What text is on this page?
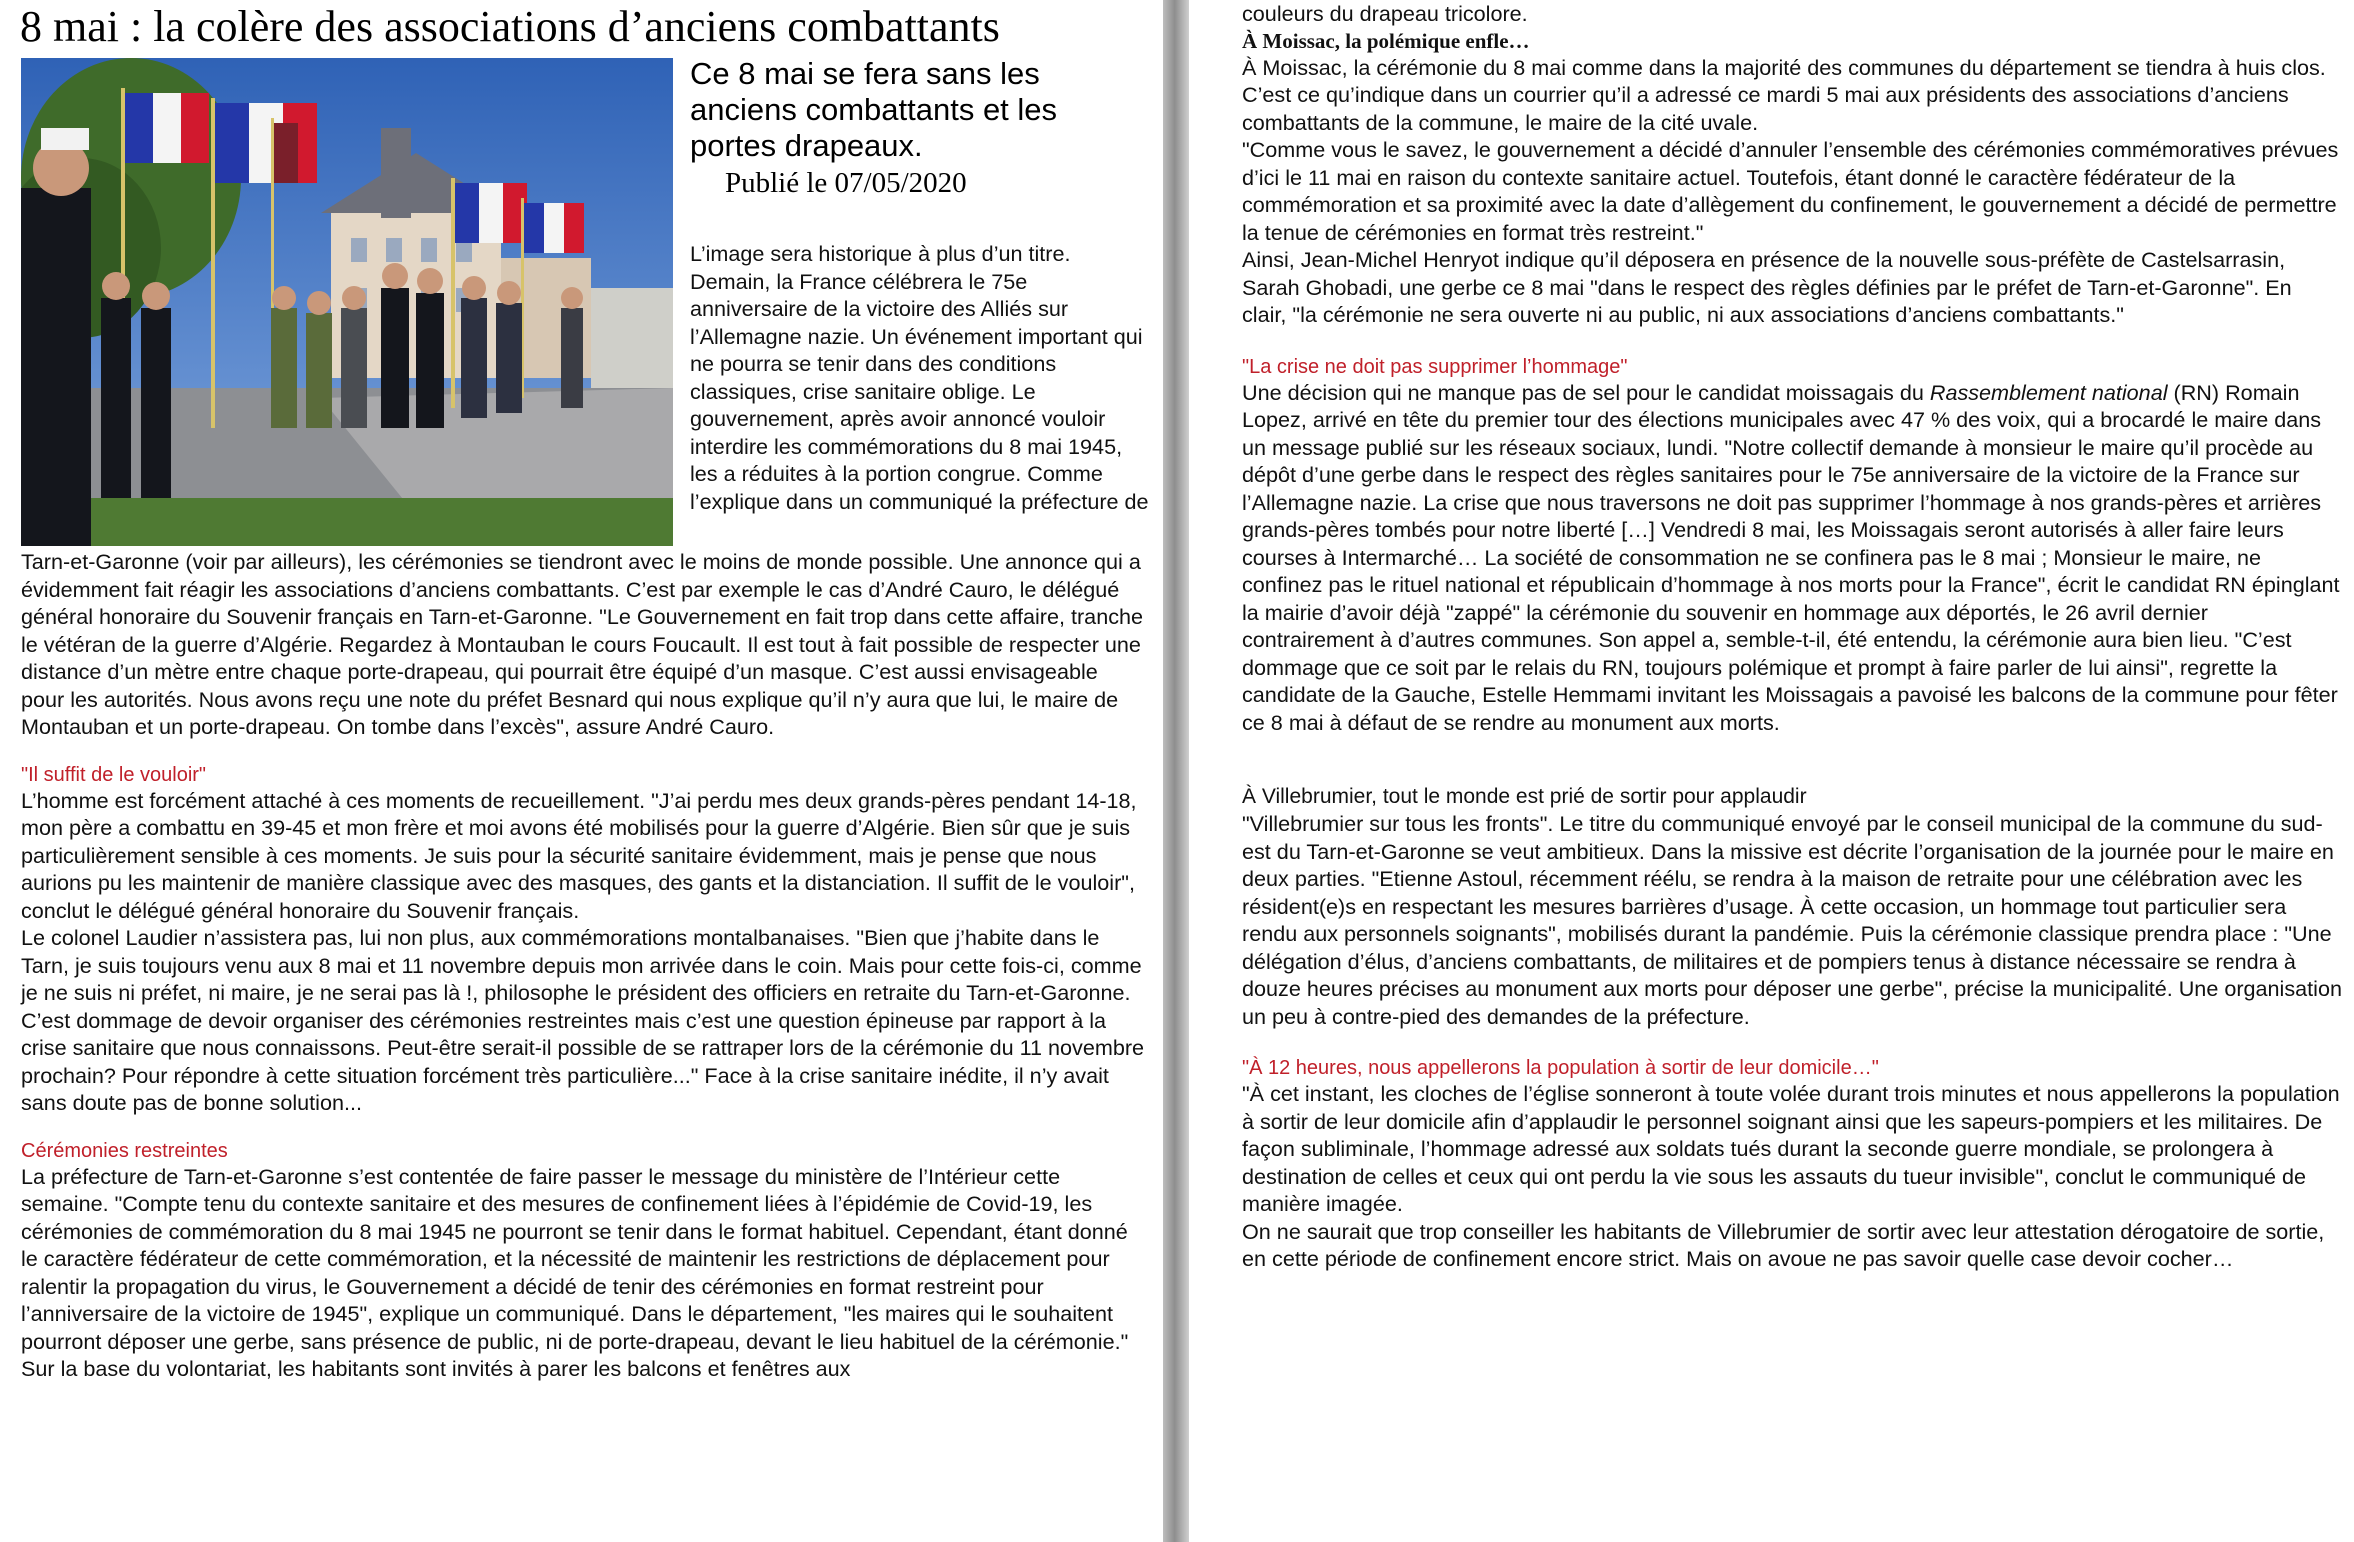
8 mai : la colère des associations d’anciens combattants
Ce 8 mai se fera sans les anciens combattants et les portes drapeaux.
Publié le 07/05/2020

L’image sera historique à plus d’un titre. Demain, la France célébrera le 75e anniversaire de la victoire des Alliés sur l’Allemagne nazie. Un événement important qui ne pourra se tenir dans des conditions classiques, crise sanitaire oblige. Le gouvernement, après avoir annoncé vouloir interdire les commémorations du 8 mai 1945, les a réduites à la portion congrue. Comme l’explique dans un communiqué la préfecture de

Tarn-et-Garonne (voir par ailleurs), les cérémonies se tiendront avec le moins de monde possible. Une annonce qui a évidemment fait réagir les associations d’anciens combattants. C’est par exemple le cas d’André Cauro, le délégué général honoraire du Souvenir français en Tarn-et-Garonne. "Le Gouvernement en fait trop dans cette affaire, tranche le vétéran de la guerre d’Algérie. Regardez à Montauban le cours Foucault. Il est tout à fait possible de respecter une distance d’un mètre entre chaque porte-drapeau, qui pourrait être équipé d’un masque. C’est aussi envisageable pour les autorités. Nous avons reçu une note du préfet Besnard qui nous explique qu’il n’y aura que lui, le maire de Montauban et un porte-drapeau. On tombe dans l’excès", assure André Cauro.

"Il suffit de le vouloir"

L’homme est forcément attaché à ces moments de recueillement. "J’ai perdu mes deux grands-pères pendant 14-18, mon père a combattu en 39-45 et mon frère et moi avons été mobilisés pour la guerre d’Algérie. Bien sûr que je suis particulièrement sensible à ces moments. Je suis pour la sécurité sanitaire évidemment, mais je pense que nous aurions pu les maintenir de manière classique avec des masques, des gants et la distanciation. Il suffit de le vouloir", conclut le délégué général honoraire du Souvenir français.

Le colonel Laudier n’assistera pas, lui non plus, aux commémorations montalbanaises. "Bien que j’habite dans le Tarn, je suis toujours venu aux 8 mai et 11 novembre depuis mon arrivée dans le coin. Mais pour cette fois-ci, comme je ne suis ni préfet, ni maire, je ne serai pas là !, philosophe le président des officiers en retraite du Tarn-et-Garonne. C’est dommage de devoir organiser des cérémonies restreintes mais c’est une question épineuse par rapport à la crise sanitaire que nous connaissons. Peut-être serait-il possible de se rattraper lors de la cérémonie du 11 novembre prochain? Pour répondre à cette situation forcément très particulière..." Face à la crise sanitaire inédite, il n’y avait sans doute pas de bonne solution...

Cérémonies restreintes

La préfecture de Tarn-et-Garonne s’est contentée de faire passer le message du ministère de l’Intérieur cette semaine. "Compte tenu du contexte sanitaire et des mesures de confinement liées à l’épidémie de Covid-19, les cérémonies de commémoration du 8 mai 1945 ne pourront se tenir dans le format habituel. Cependant, étant donné le caractère fédérateur de cette commémoration, et la nécessité de maintenir les restrictions de déplacement pour ralentir la propagation du virus, le Gouvernement a décidé de tenir des cérémonies en format restreint pour l’anniversaire de la victoire de 1945", explique un communiqué. Dans le département, "les maires qui le souhaitent pourront déposer une gerbe, sans présence de public, ni de porte-drapeau, devant le lieu habituel de la cérémonie." Sur la base du volontariat, les habitants sont invités à parer les balcons et fenêtres aux

couleurs du drapeau tricolore.

À Moissac, la polémique enfle…

À Moissac, la cérémonie du 8 mai comme dans la majorité des communes du département se tiendra à huis clos. C’est ce qu’indique dans un courrier qu’il a adressé ce mardi 5 mai aux présidents des associations d’anciens combattants de la commune, le maire de la cité uvale.

"Comme vous le savez, le gouvernement a décidé d’annuler l’ensemble des cérémonies commémoratives prévues d’ici le 11 mai en raison du contexte sanitaire actuel. Toutefois, étant donné le caractère fédérateur de la commémoration et sa proximité avec la date d’allègement du confinement, le gouvernement a décidé de permettre la tenue de cérémonies en format très restreint."

Ainsi, Jean-Michel Henryot indique qu’il déposera en présence de la nouvelle sous-préfète de Castelsarrasin, Sarah Ghobadi, une gerbe ce 8 mai "dans le respect des règles définies par le préfet de Tarn-et-Garonne". En clair, "la cérémonie ne sera ouverte ni au public, ni aux associations d’anciens combattants."

"La crise ne doit pas supprimer l’hommage"

Une décision qui ne manque pas de sel pour le candidat moissagais du Rassemblement national (RN) Romain Lopez, arrivé en tête du premier tour des élections municipales avec 47 % des voix, qui a brocardé le maire dans un message publié sur les réseaux sociaux, lundi. "Notre collectif demande à monsieur le maire qu’il procède au dépôt d’une gerbe dans le respect des règles sanitaires pour le 75e anniversaire de la victoire de la France sur l’Allemagne nazie. La crise que nous traversons ne doit pas supprimer l’hommage à nos grands-pères et arrières grands-pères tombés pour notre liberté […] Vendredi 8 mai, les Moissagais seront autorisés à aller faire leurs courses à Intermarché… La société de consommation ne se confinera pas le 8 mai ; Monsieur le maire, ne confinez pas le rituel national et républicain d’hommage à nos morts pour la France", écrit le candidat RN épinglant la mairie d’avoir déjà "zappé" la cérémonie du souvenir en hommage aux déportés, le 26 avril dernier contrairement à d’autres communes. Son appel a, semble-t-il, été entendu, la cérémonie aura bien lieu. "C’est dommage que ce soit par le relais du RN, toujours polémique et prompt à faire parler de lui ainsi", regrette la candidate de la Gauche, Estelle Hemmami invitant les Moissagais a pavoisé les balcons de la commune pour fêter ce 8 mai à défaut de se rendre au monument aux morts.

À Villebrumier, tout le monde est prié de sortir pour applaudir

"Villebrumier sur tous les fronts". Le titre du communiqué envoyé par le conseil municipal de la commune du sud-est du Tarn-et-Garonne se veut ambitieux. Dans la missive est décrite l’organisation de la journée pour le maire en deux parties. "Etienne Astoul, récemment réélu, se rendra à la maison de retraite pour une célébration avec les résident(e)s en respectant les mesures barrières d’usage. À cette occasion, un hommage tout particulier sera rendu aux personnels soignants", mobilisés durant la pandémie. Puis la cérémonie classique prendra place : "Une délégation d’élus, d’anciens combattants, de militaires et de pompiers tenus à distance nécessaire se rendra à douze heures précises au monument aux morts pour déposer une gerbe", précise la municipalité. Une organisation un peu à contre-pied des demandes de la préfecture.

"À 12 heures, nous appellerons la population à sortir de leur domicile…"

"À cet instant, les cloches de l’église sonneront à toute volée durant trois minutes et nous appellerons la population à sortir de leur domicile afin d’applaudir le personnel soignant ainsi que les sapeurs-pompiers et les militaires. De façon subliminale, l’hommage adressé aux soldats tués durant la seconde guerre mondiale, se prolongera à destination de celles et ceux qui ont perdu la vie sous les assauts du tueur invisible", conclut le communiqué de manière imagée.

On ne saurait que trop conseiller les habitants de Villebrumier de sortir avec leur attestation dérogatoire de sortie, en cette période de confinement encore strict. Mais on avoue ne pas savoir quelle case devoir cocher…
